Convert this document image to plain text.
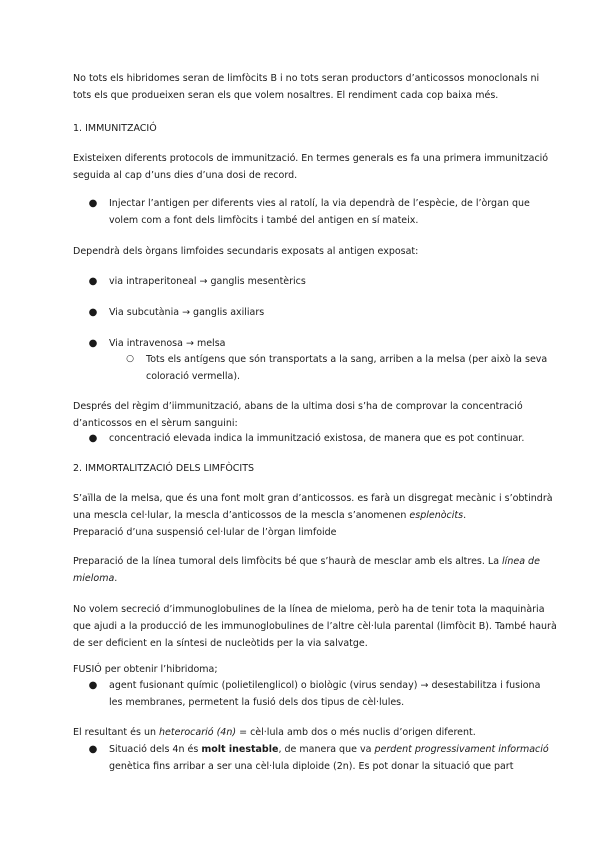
No tots els hibridomes seran de limfòcits B i no tots seran productors d’anticossos monoclonals ni
tots els que produeixen seran els que volem nosaltres. El rendiment cada cop baixa més.
1. IMMUNITZACIÓ
Existeixen diferents protocols de immunització. En termes generals es fa una primera immunització
seguida al cap d’uns dies d’una dosi de record.
● Injectar l’antigen per diferents vies al ratolí, la via dependrà de l’espècie, de l’òrgan que
volem com a font dels limfòcits i també del antigen en sí mateix.
Dependrà dels òrgans limfoides secundaris exposats al antigen exposat:
● via intraperitoneal → ganglis mesentèrics
● Via subcutània → ganglis axiliars
● Via intravenosa → melsa
○ Tots els antígens que són transportats a la sang, arriben a la melsa (per això la seva
coloració vermella).
Després del règim d’iimmunització, abans de la ultima dosi s’ha de comprovar la concentració
d’anticossos en el sèrum sanguini:
● concentració elevada indica la immunització existosa, de manera que es pot continuar.
2. IMMORTALITZACIÓ DELS LIMFÒCITS
S’aïlla de la melsa, que és una font molt gran d’anticossos. es farà un disgregat mecànic i s’obtindrà
una mescla cel·lular, la mescla d’anticossos de la mescla s’anomenen esplenòcits.
Preparació d’una suspensió cel·lular de l’òrgan limfoide
Preparació de la línea tumoral dels limfòcits bé que s’haurà de mesclar amb els altres. La línea de
mieloma.
No volem secreció d’immunoglobulines de la línea de mieloma, però ha de tenir tota la maquinària
que ajudi a la producció de les immunoglobulines de l’altre cèl·lula parental (limfòcit B). També haurà
de ser deficient en la síntesi de nucleòtids per la via salvatge.
FUSIÓ per obtenir l’hibridoma;
● agent fusionant químic (polietilenglicol) o biològic (virus senday) → desestabilitza i fusiona
les membranes, permetent la fusió dels dos tipus de cèl·lules.
El resultant és un heterocarió (4n) = cèl·lula amb dos o més nuclis d’origen diferent.
● Situació dels 4n és molt inestable, de manera que va perdent progressivament informació
genètica fins arribar a ser una cèl·lula diploide (2n). Es pot donar la situació que part
